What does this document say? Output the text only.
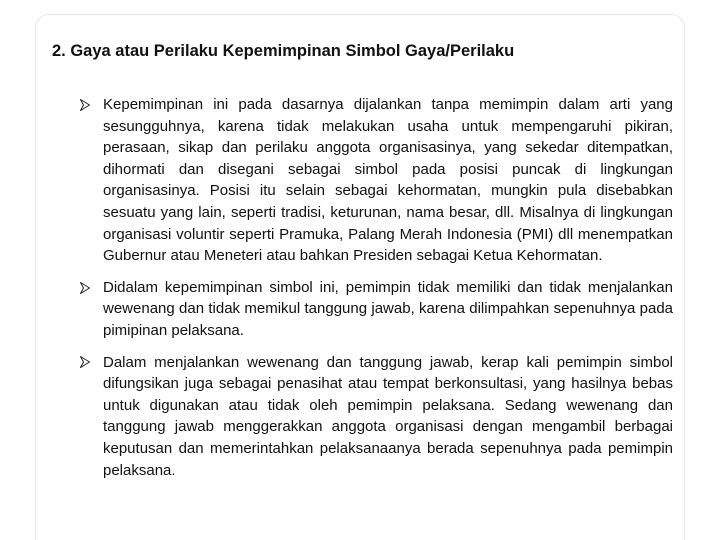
2. Gaya atau Perilaku Kepemimpinan Simbol Gaya/Perilaku
Kepemimpinan ini pada dasarnya dijalankan tanpa memimpin dalam arti yang sesungguhnya, karena tidak melakukan usaha untuk mempengaruhi pikiran, perasaan, sikap dan perilaku anggota organisasinya, yang sekedar ditempatkan, dihormati dan disegani sebagai simbol pada posisi puncak di lingkungan organisasinya. Posisi itu selain sebagai kehormatan, mungkin pula disebabkan sesuatu yang lain, seperti tradisi, keturunan, nama besar, dll. Misalnya di lingkungan organisasi voluntir seperti Pramuka, Palang Merah Indonesia (PMI) dll menempatkan Gubernur atau Meneteri atau bahkan Presiden sebagai Ketua Kehormatan.
Didalam kepemimpinan simbol ini, pemimpin tidak memiliki dan tidak menjalankan wewenang dan tidak memikul tanggung jawab, karena dilimpahkan sepenuhnya pada pimipinan pelaksana.
Dalam menjalankan wewenang dan tanggung jawab, kerap kali pemimpin simbol difungsikan juga sebagai penasihat atau tempat berkonsultasi, yang hasilnya bebas untuk digunakan atau tidak oleh pemimpin pelaksana. Sedang wewenang dan tanggung jawab menggerakkan anggota organisasi dengan mengambil berbagai keputusan dan memerintahkan pelaksanaanya berada sepenuhnya pada pemimpin pelaksana.
